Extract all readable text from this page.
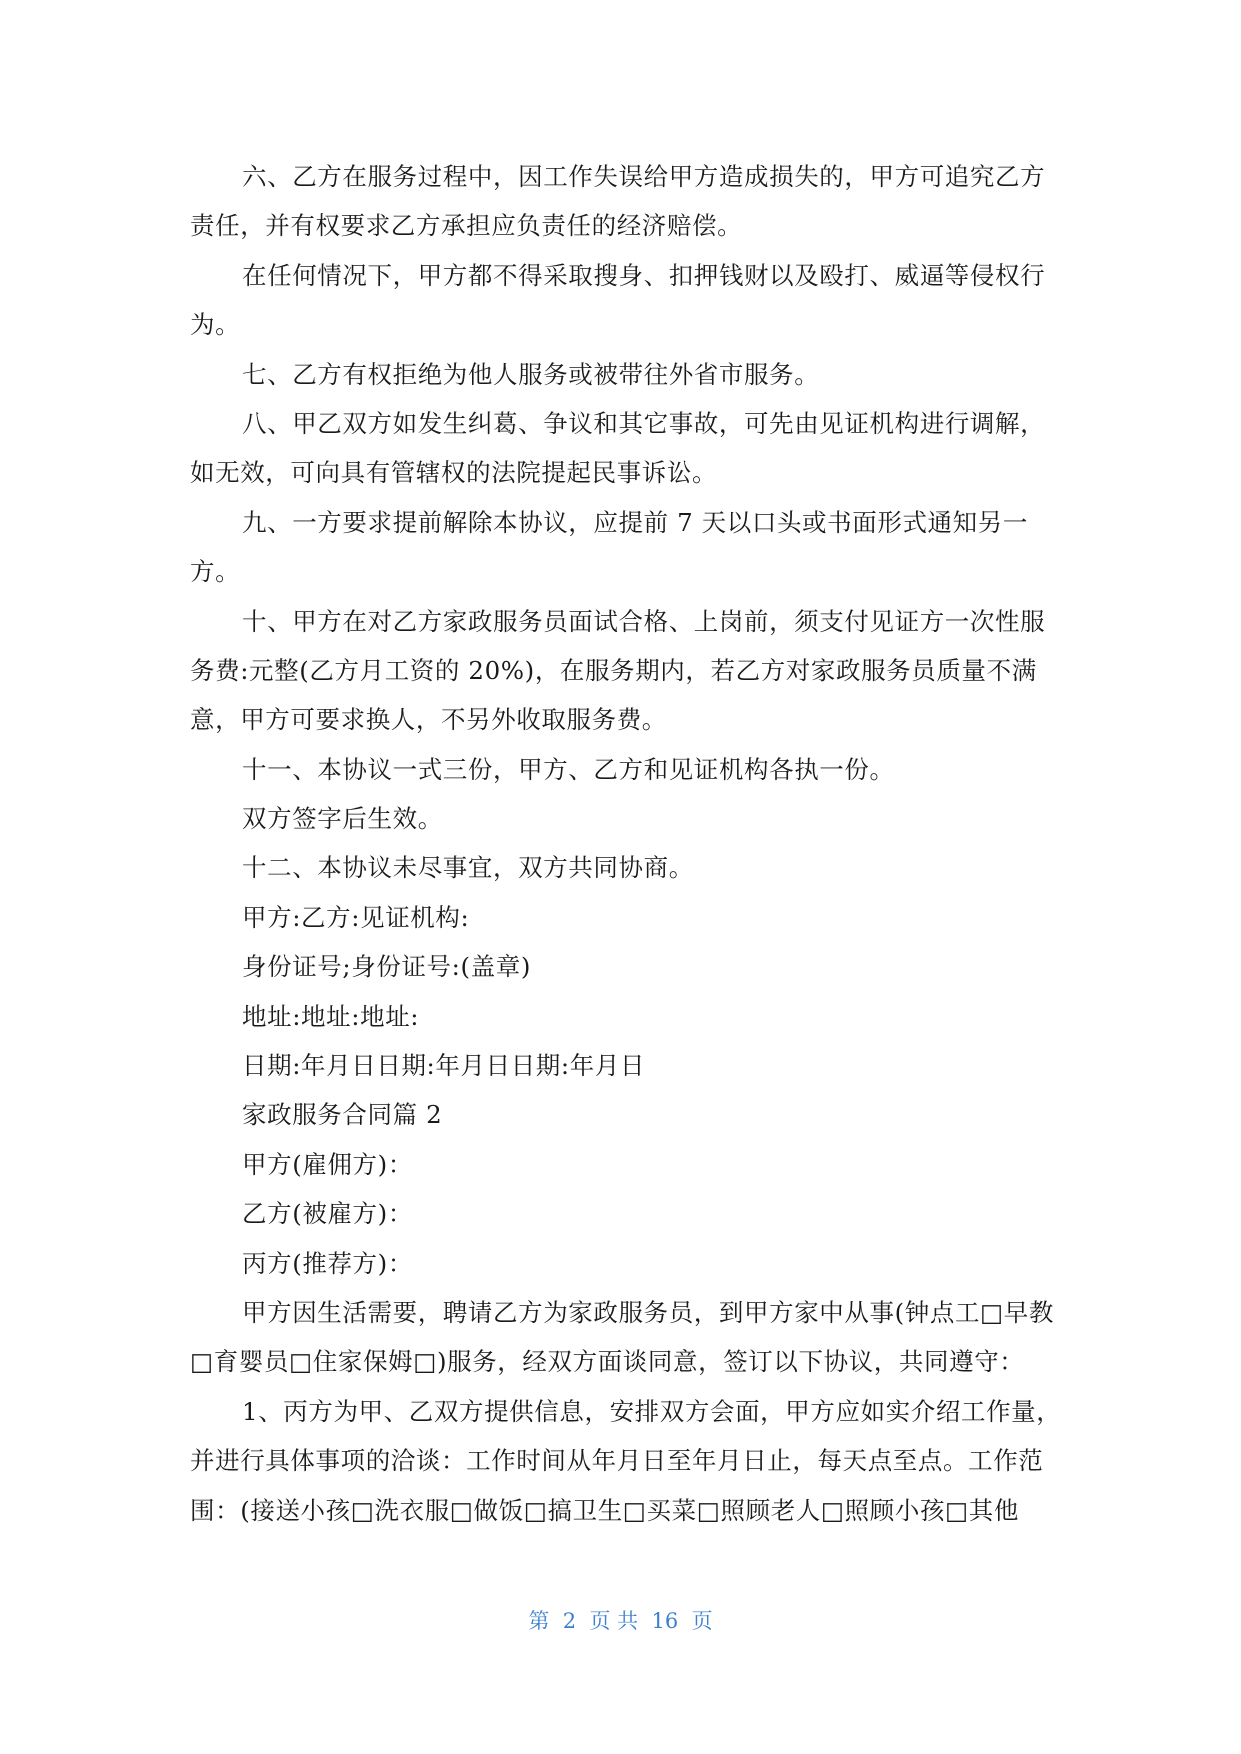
六、乙方在服务过程中，因工作失误给甲方造成损失的，甲方可追究乙方
责任，并有权要求乙方承担应负责任的经济赔偿。
在任何情况下，甲方都不得采取搜身、扣押钱财以及殴打、威逼等侵权行
为。
七、乙方有权拒绝为他人服务或被带往外省市服务。
八、甲乙双方如发生纠葛、争议和其它事故，可先由见证机构进行调解，
如无效，可向具有管辖权的法院提起民事诉讼。
九、一方要求提前解除本协议，应提前 7 天以口头或书面形式通知另一
方。
十、甲方在对乙方家政服务员面试合格、上岗前，须支付见证方一次性服
务费:元整(乙方月工资的 20%)，在服务期内，若乙方对家政服务员质量不满
意，甲方可要求换人，不另外收取服务费。
十一、本协议一式三份，甲方、乙方和见证机构各执一份。
双方签字后生效。
十二、本协议未尽事宜，双方共同协商。
甲方:乙方:见证机构:
身份证号;身份证号:(盖章)
地址:地址:地址:
日期:年月日日期:年月日日期:年月日
家政服务合同篇 2
甲方(雇佣方)：
乙方(被雇方)：
丙方(推荐方)：
甲方因生活需要，聘请乙方为家政服务员，到甲方家中从事(钟点工□早教
□育婴员□住家保姆□)服务，经双方面谈同意，签订以下协议，共同遵守：
1、丙方为甲、乙双方提供信息，安排双方会面，甲方应如实介绍工作量，
并进行具体事项的洽谈：工作时间从年月日至年月日止，每天点至点。工作范
围：(接送小孩□洗衣服□做饭□搞卫生□买菜□照顾老人□照顾小孩□其他
第  2  页 共  16  页
